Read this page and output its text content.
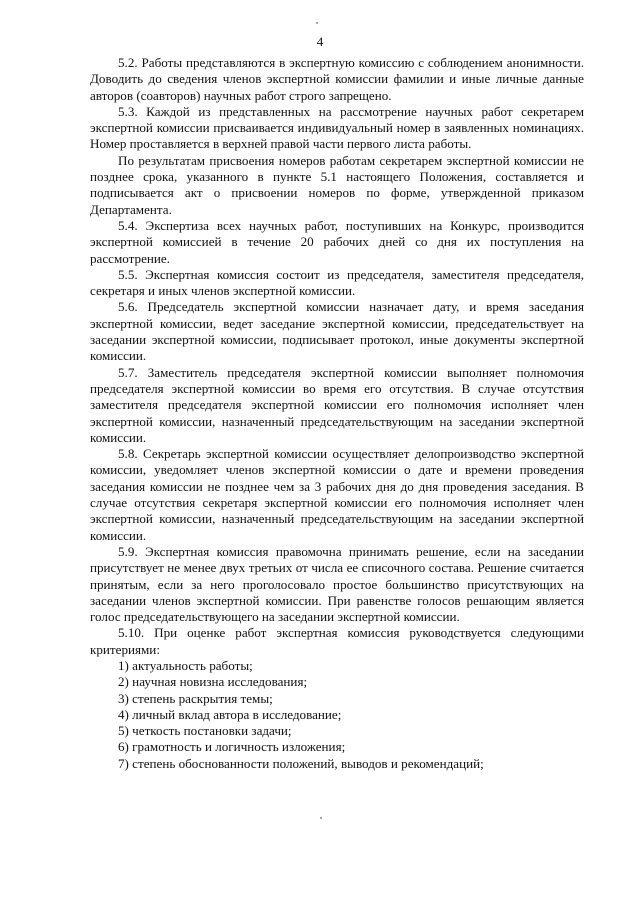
4

5.2. Работы представляются в экспертную комиссию с соблюдением анонимности. Доводить до сведения членов экспертной комиссии фамилии и иные личные данные авторов (соавторов) научных работ строго запрещено.

5.3. Каждой из представленных на рассмотрение научных работ секретарем экспертной комиссии присваивается индивидуальный номер в заявленных номинациях. Номер проставляется в верхней правой части первого листа работы.

По результатам присвоения номеров работам секретарем экспертной комиссии не позднее срока, указанного в пункте 5.1 настоящего Положения, составляется и подписывается акт о присвоении номеров по форме, утвержденной приказом Департамента.

5.4. Экспертиза всех научных работ, поступивших на Конкурс, производится экспертной комиссией в течение 20 рабочих дней со дня их поступления на рассмотрение.

5.5. Экспертная комиссия состоит из председателя, заместителя председателя, секретаря и иных членов экспертной комиссии.

5.6. Председатель экспертной комиссии назначает дату, и время заседания экспертной комиссии, ведет заседание экспертной комиссии, председательствует на заседании экспертной комиссии, подписывает протокол, иные документы экспертной комиссии.

5.7. Заместитель председателя экспертной комиссии выполняет полномочия председателя экспертной комиссии во время его отсутствия. В случае отсутствия заместителя председателя экспертной комиссии его полномочия исполняет член экспертной комиссии, назначенный председательствующим на заседании экспертной комиссии.

5.8. Секретарь экспертной комиссии осуществляет делопроизводство экспертной комиссии, уведомляет членов экспертной комиссии о дате и времени проведения заседания комиссии не позднее чем за 3 рабочих дня до дня проведения заседания. В случае отсутствия секретаря экспертной комиссии его полномочия исполняет член экспертной комиссии, назначенный председательствующим на заседании экспертной комиссии.

5.9. Экспертная комиссия правомочна принимать решение, если на заседании присутствует не менее двух третьих от числа ее списочного состава. Решение считается принятым, если за него проголосовало простое большинство присутствующих на заседании членов экспертной комиссии. При равенстве голосов решающим является голос председательствующего на заседании экспертной комиссии.

5.10. При оценке работ экспертная комиссия руководствуется следующими критериями:

1) актуальность работы;

2) научная новизна исследования;

3) степень раскрытия темы;

4) личный вклад автора в исследование;

5) четкость постановки задачи;

6) грамотность и логичность изложения;

7) степень обоснованности положений, выводов и рекомендаций;
